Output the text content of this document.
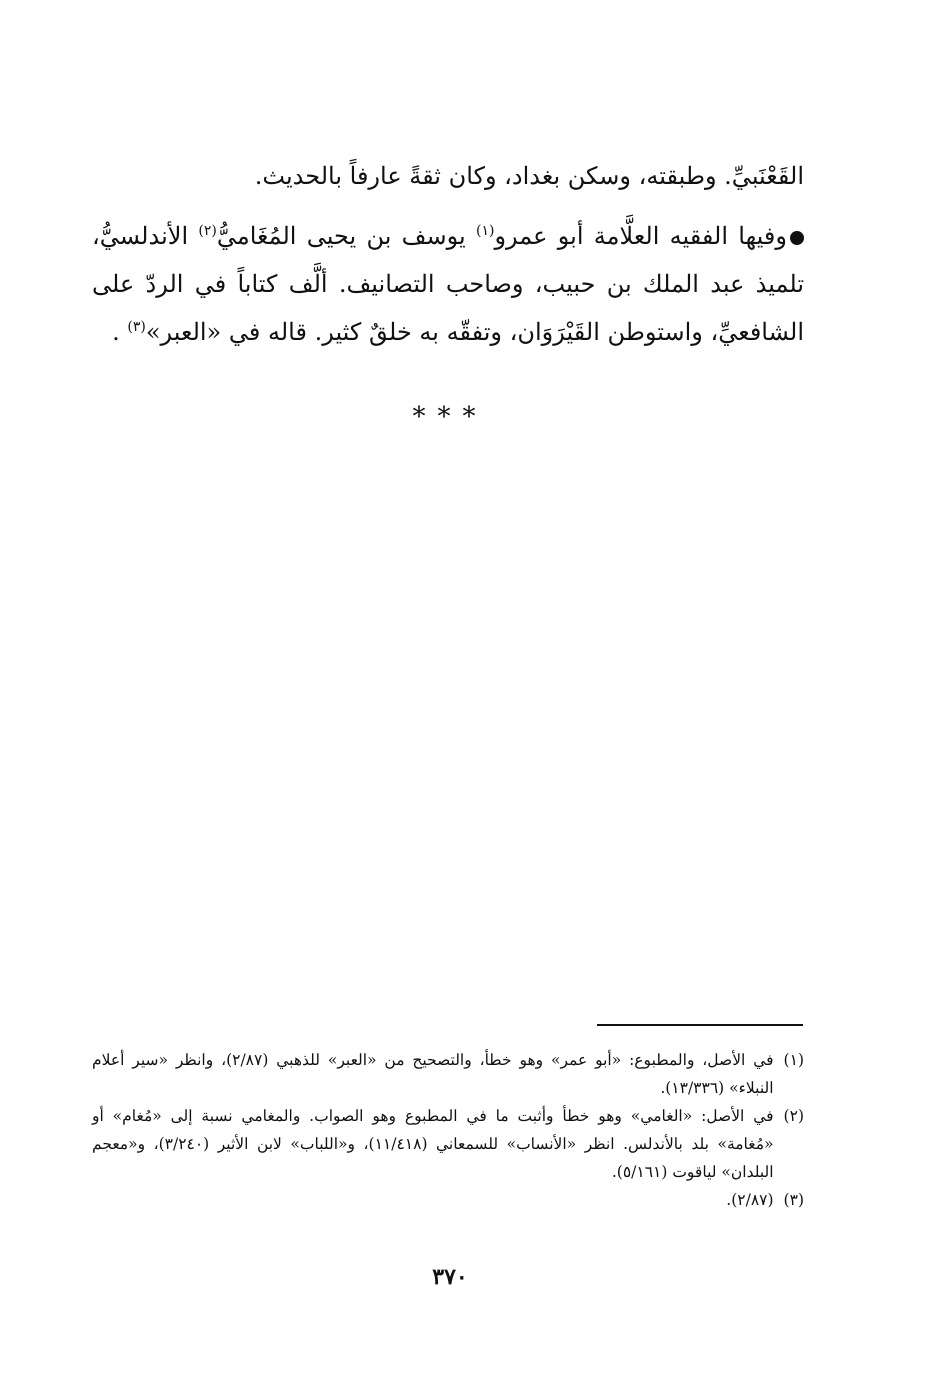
القَعْنَبيِّ. وطبقته، وسكن بغداد، وكان ثقةً عارفاً بالحديث.

وفيها الفقيه العلَّامة أبو عمرو$^{(١)}$ يوسف بن يحيى المُغَاميُّ$^{(٢)}$ الأندلسيُّ، تلميذ عبد الملك بن حبيب، وصاحب التصانيف. ألَّف كتاباً في الردّ على الشافعيِّ، واستوطن القَيْرَوَان، وتفقّه به خلقٌ كثير. قاله في «العبر»$^{(٣)}$ .

***
(١)
في الأصل، والمطبوع: «أبو عمر» وهو خطأ، والتصحيح من «العبر» للذهبي (٢/٨٧)، وانظر «سير أعلام النبلاء» (١٣/٣٣٦).
(٢)
في الأصل: «الغامي» وهو خطأ وأثبت ما في المطبوع وهو الصواب. والمغامي نسبة إلى «مُغام» أو «مُغامة» بلد بالأندلس. انظر «الأنساب» للسمعاني (١١/٤١٨)، و«اللباب» لابن الأثير (٣/٢٤٠)، و«معجم البلدان» لياقوت (٥/١٦١).
(٣)
(٢/٨٧).
٣٧٠
